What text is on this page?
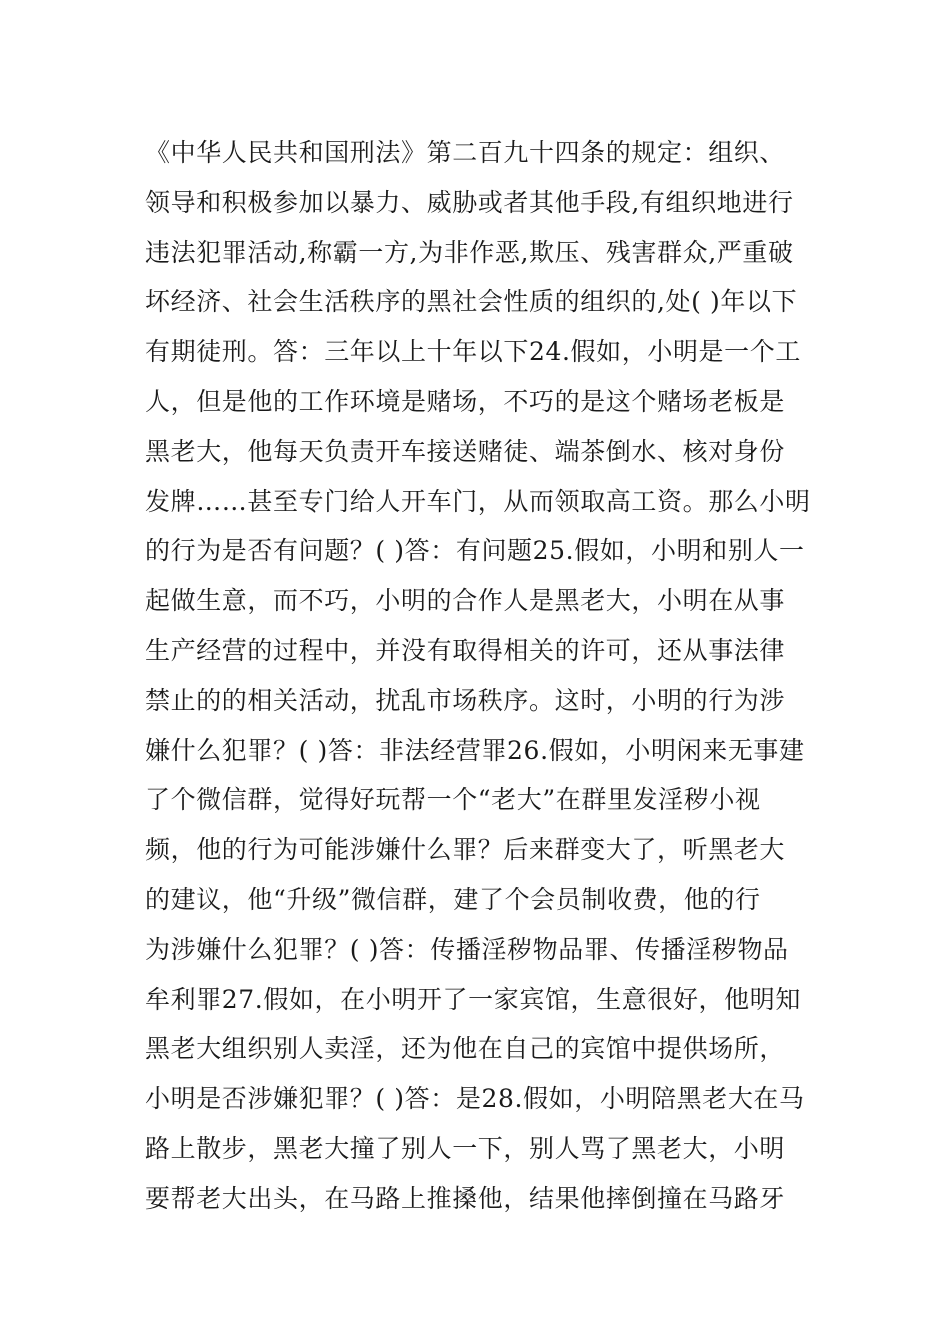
《中华人民共和国刑法》第二百九十四条的规定：组织、
领导和积极参加以暴力、威胁或者其他手段,有组织地进行
违法犯罪活动,称霸一方,为非作恶,欺压、残害群众,严重破
坏经济、社会生活秩序的黑社会性质的组织的,处( )年以下
有期徒刑。答：三年以上十年以下24.假如，小明是一个工
人，但是他的工作环境是赌场，不巧的是这个赌场老板是
黑老大，他每天负责开车接送赌徒、端茶倒水、核对身份
发牌……甚至专门给人开车门，从而领取高工资。那么小明
的行为是否有问题？( )答：有问题25.假如，小明和别人一
起做生意，而不巧，小明的合作人是黑老大，小明在从事
生产经营的过程中，并没有取得相关的许可，还从事法律
禁止的的相关活动，扰乱市场秩序。这时，小明的行为涉
嫌什么犯罪？( )答：非法经营罪26.假如，小明闲来无事建
了个微信群，觉得好玩帮一个“老大”在群里发淫秽小视
频，他的行为可能涉嫌什么罪？后来群变大了，听黑老大
的建议，他“升级”微信群，建了个会员制收费，他的行
为涉嫌什么犯罪？( )答：传播淫秽物品罪、传播淫秽物品
牟利罪27.假如，在小明开了一家宾馆，生意很好，他明知
黑老大组织别人卖淫，还为他在自己的宾馆中提供场所，
小明是否涉嫌犯罪？( )答：是28.假如，小明陪黑老大在马
路上散步，黑老大撞了别人一下，别人骂了黑老大，小明
要帮老大出头，在马路上推搡他，结果他摔倒撞在马路牙
